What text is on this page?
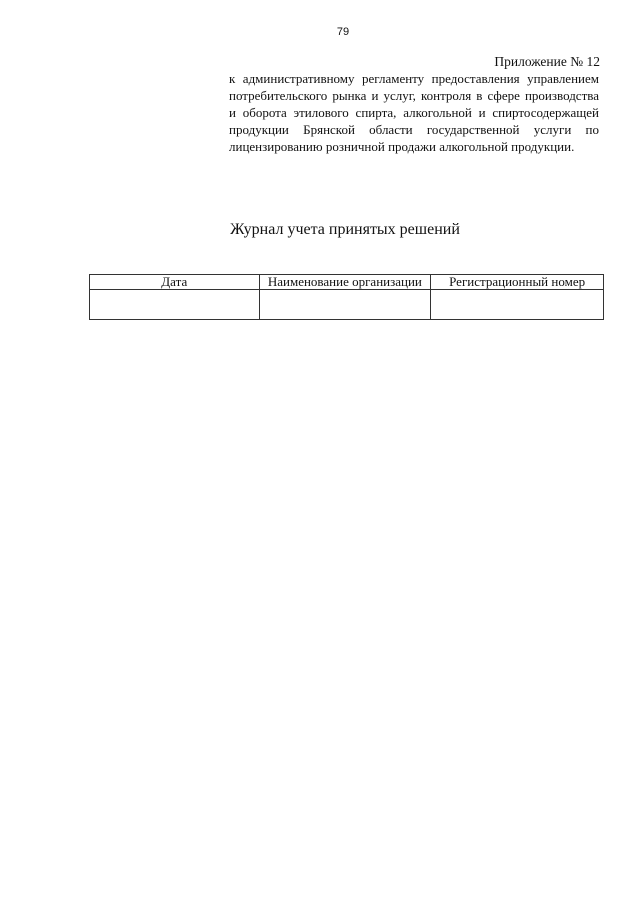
79
Приложение № 12
к административному регламенту предоставления управлением
потребительского рынка и услуг, контроля в сфере производства
и оборота этилового спирта, алкогольной и спиртосодержащей
продукции Брянской области государственной услуги по
лицензированию розничной продажи алкогольной продукции.
Журнал учета принятых решений
Дата	Наименование организации	Регистрационный номер
